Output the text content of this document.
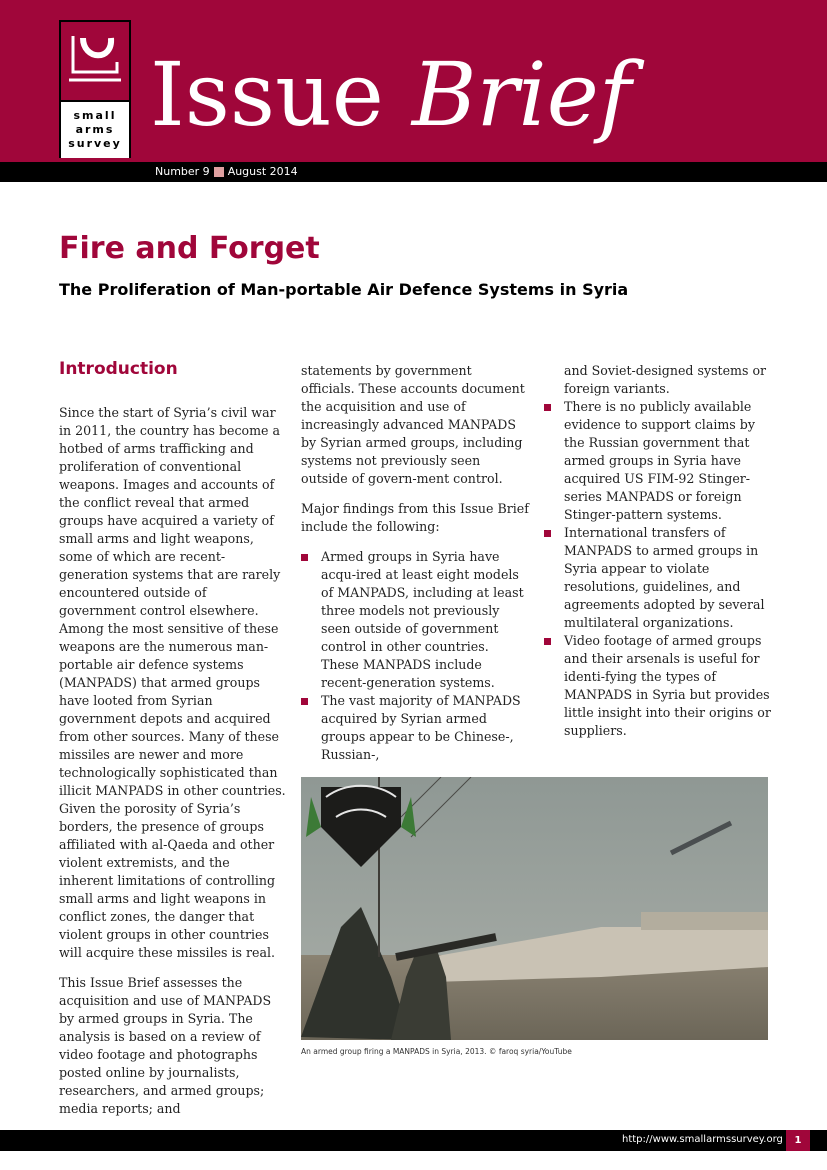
small
arms
survey Issue Brief
Number 9 August 2014
Fire and Forget
The Proliferation of Man-portable Air Defence Systems in Syria
Introduction

Since the start of Syria’s civil war in 2011, the country has become a hotbed of arms trafficking and proliferation of conventional weapons. Images and accounts of the conflict reveal that armed groups have acquired a variety of small arms and light weapons, some of which are recent-generation systems that are rarely encountered outside of government control elsewhere. Among the most sensitive of these weapons are the numerous man-portable air defence systems (MANPADS) that armed groups have looted from Syrian government depots and acquired from other sources. Many of these missiles are newer and more technologically sophisticated than illicit MANPADS in other countries. Given the porosity of Syria’s borders, the presence of groups affiliated with al-Qaeda and other violent extremists, and the inherent limitations of controlling small arms and light weapons in conflict zones, the danger that violent groups in other countries will acquire these missiles is real.

This Issue Brief assesses the acquisition and use of MANPADS by armed groups in Syria. The analysis is based on a review of video footage and photographs posted online by journalists, researchers, and armed groups; media reports; and

statements by government officials. These accounts document the acquisition and use of increasingly advanced MANPADS by Syrian armed groups, including systems not previously seen outside of govern-ment control.

Major findings from this Issue Brief include the following:

Armed groups in Syria have acqu-ired at least eight models of MANPADS, including at least three models not previously seen outside of government control in other countries. These MANPADS include recent-generation systems.
The vast majority of MANPADS acquired by Syrian armed groups appear to be Chinese-, Russian-,
and Soviet-designed systems or foreign variants.
There is no publicly available evidence to support claims by the Russian government that armed groups in Syria have acquired US FIM-92 Stinger-series MANPADS or foreign Stinger-pattern systems.
International transfers of MANPADS to armed groups in Syria appear to violate resolutions, guidelines, and agreements adopted by several multilateral organizations.
Video footage of armed groups and their arsenals is useful for identi-fying the types of MANPADS in Syria but provides little insight into their origins or suppliers.
An armed group firing a MANPADS in Syria, 2013. © faroq syria/YouTube
http://www.smallarmssurvey.org	1
